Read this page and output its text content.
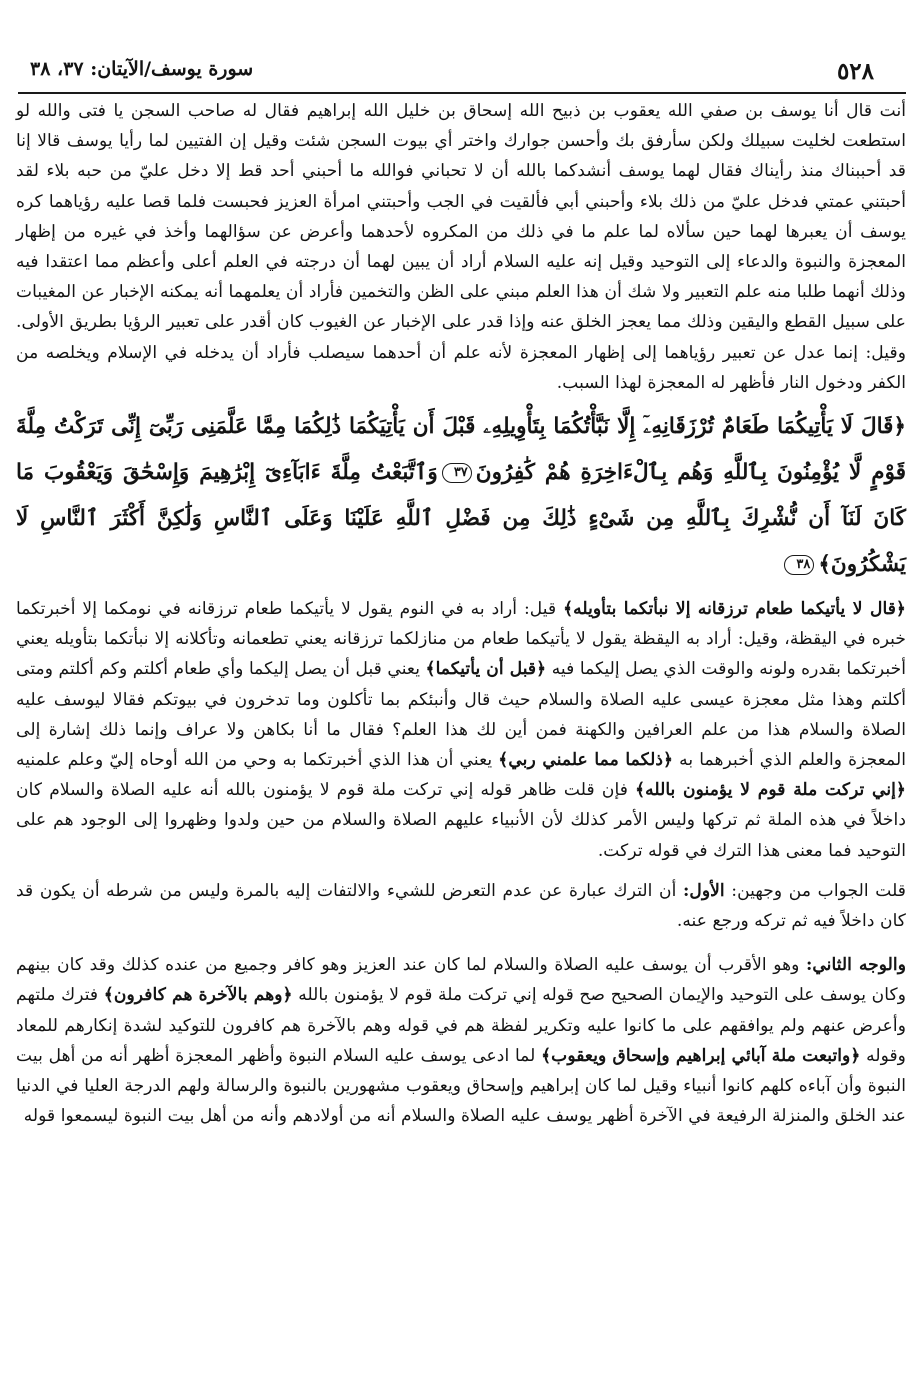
٥٢٨
سورة يوسف/الآيتان: ٣٧، ٣٨

أنت قال أنا يوسف بن صفي الله يعقوب بن ذبيح الله إسحاق بن خليل الله إبراهيم فقال له صاحب السجن يا فتى والله لو استطعت لخليت سبيلك ولكن سأرفق بك وأحسن جوارك واختر أي بيوت السجن شئت وقيل إن الفتيين لما رأيا يوسف قالا إنا قد أحببناك منذ رأيناك فقال لهما يوسف أنشدكما بالله أن لا تحباني فوالله ما أحبني أحد قط إلا دخل عليّ من حبه بلاء لقد أحبتني عمتي فدخل عليّ من ذلك بلاء وأحبني أبي فألقيت في الجب وأحبتني امرأة العزيز فحبست فلما قصا عليه رؤياهما كره يوسف أن يعبرها لهما حين سألاه لما علم ما في ذلك من المكروه لأحدهما وأعرض عن سؤالهما وأخذ في غيره من إظهار المعجزة والنبوة والدعاء إلى التوحيد وقيل إنه عليه السلام أراد أن يبين لهما أن درجته في العلم أعلى وأعظم مما اعتقدا فيه وذلك أنهما طلبا منه علم التعبير ولا شك أن هذا العلم مبني على الظن والتخمين فأراد أن يعلمهما أنه يمكنه الإخبار عن المغيبات على سبيل القطع واليقين وذلك مما يعجز الخلق عنه وإذا قدر على الإخبار عن الغيوب كان أقدر على تعبير الرؤيا بطريق الأولى. وقيل: إنما عدل عن تعبير رؤياهما إلى إظهار المعجزة لأنه علم أن أحدهما سيصلب فأراد أن يدخله في الإسلام ويخلصه من الكفر ودخول النار فأظهر له المعجزة لهذا السبب.

﴿قَالَ لَا يَأْتِيكُمَا طَعَامٌ تُرْزَقَانِهِۦٓ إِلَّا نَبَّأْتُكُمَا بِتَأْوِيلِهِۦ قَبْلَ أَن يَأْتِيَكُمَا ذَٰلِكُمَا مِمَّا عَلَّمَنِى رَبِّىٓ إِنِّى تَرَكْتُ مِلَّةَ قَوْمٍ لَّا يُؤْمِنُونَ بِٱللَّهِ وَهُم بِٱلْءَاخِرَةِ هُمْ كَٰفِرُونَ٣٧وَٱتَّبَعْتُ مِلَّةَ ءَابَآءِىٓ إِبْرَٰهِيمَ وَإِسْحَٰقَ وَيَعْقُوبَ مَا كَانَ لَنَآ أَن نُّشْرِكَ بِٱللَّهِ مِن شَىْءٍ ذَٰلِكَ مِن فَضْلِ ٱللَّهِ عَلَيْنَا وَعَلَى ٱلنَّاسِ وَلَٰكِنَّ أَكْثَرَ ٱلنَّاسِ لَا يَشْكُرُونَ﴾٣٨

﴿قال لا يأتيكما طعام ترزقانه إلا نبأتكما بتأويله﴾ قيل: أراد به في النوم يقول لا يأتيكما طعام ترزقانه في نومكما إلا أخبرتكما خبره في اليقظة، وقيل: أراد به اليقظة يقول لا يأتيكما طعام من منازلكما ترزقانه يعني تطعمانه وتأكلانه إلا نبأتكما بتأويله يعني أخبرتكما بقدره ولونه والوقت الذي يصل إليكما فيه ﴿قبل أن يأتيكما﴾ يعني قبل أن يصل إليكما وأي طعام أكلتم وكم أكلتم ومتى أكلتم وهذا مثل معجزة عيسى عليه الصلاة والسلام حيث قال وأنبئكم بما تأكلون وما تدخرون في بيوتكم فقالا ليوسف عليه الصلاة والسلام هذا من علم العرافين والكهنة فمن أين لك هذا العلم؟ فقال ما أنا بكاهن ولا عراف وإنما ذلك إشارة إلى المعجزة والعلم الذي أخبرهما به ﴿ذلكما مما علمني ربي﴾ يعني أن هذا الذي أخبرتكما به وحي من الله أوحاه إليّ وعلم علمنيه ﴿إني تركت ملة قوم لا يؤمنون بالله﴾ فإن قلت ظاهر قوله إني تركت ملة قوم لا يؤمنون بالله أنه عليه الصلاة والسلام كان داخلاً في هذه الملة ثم تركها وليس الأمر كذلك لأن الأنبياء عليهم الصلاة والسلام من حين ولدوا وظهروا إلى الوجود هم على التوحيد فما معنى هذا الترك في قوله تركت.

قلت الجواب من وجهين: الأول: أن الترك عبارة عن عدم التعرض للشيء والالتفات إليه بالمرة وليس من شرطه أن يكون قد كان داخلاً فيه ثم تركه ورجع عنه.

والوجه الثاني: وهو الأقرب أن يوسف عليه الصلاة والسلام لما كان عند العزيز وهو كافر وجميع من عنده كذلك وقد كان بينهم وكان يوسف على التوحيد والإيمان الصحيح صح قوله إني تركت ملة قوم لا يؤمنون بالله ﴿وهم بالآخرة هم كافرون﴾ فترك ملتهم وأعرض عنهم ولم يوافقهم على ما كانوا عليه وتكرير لفظة هم في قوله وهم بالآخرة هم كافرون للتوكيد لشدة إنكارهم للمعاد وقوله ﴿واتبعت ملة آبائي إبراهيم وإسحاق ويعقوب﴾ لما ادعى يوسف عليه السلام النبوة وأظهر المعجزة أظهر أنه من أهل بيت النبوة وأن آباءه كلهم كانوا أنبياء وقيل لما كان إبراهيم وإسحاق ويعقوب مشهورين بالنبوة والرسالة ولهم الدرجة العليا في الدنيا عند الخلق والمنزلة الرفيعة في الآخرة أظهر يوسف عليه الصلاة والسلام أنه من أولادهم وأنه من أهل بيت النبوة ليسمعوا قوله
